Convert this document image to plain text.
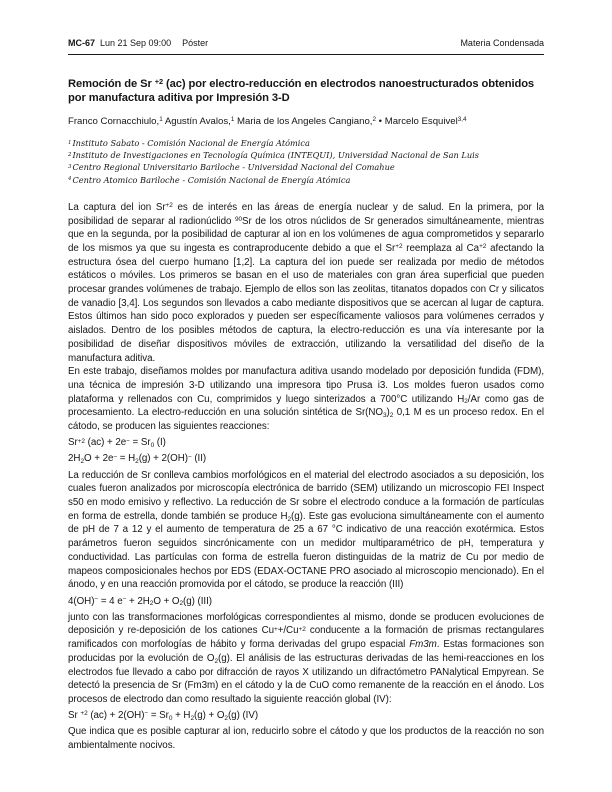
MC-67 Lun 21 Sep 09:00 Póster	Materia Condensada
Remoción de Sr $^{+2}$ (ac) por electro-reducción en electrodos nanoestructurados obtenidos por manufactura aditiva por Impresión 3-D
Franco Cornacchiulo,$^1$ Agustín Avalos,$^1$ Maria de los Angeles Cangiano,$^2$ • Marcelo Esquivel$^{3,4}$
$^1$Instituto Sabato - Comisión Nacional de Energía Atómica
$^2$Instituto de Investigaciones en Tecnología Química (INTEQUI), Universidad Nacional de San Luis
$^3$Centro Regional Universitario Bariloche - Universidad Nacional del Comahue
$^4$Centro Atomico Bariloche - Comisión Nacional de Energía Atómica

La captura del ion $Sr^{+2}$ es de interés en las áreas de energía nuclear y de salud. En la primera, por la posibilidad de separar al radionúclido $^{90}$Sr de los otros núclidos de Sr generados simultáneamente, mientras que en la segunda, por la posibilidad de capturar al ion en los volúmenes de agua comprometidos y separarlo de los mismos ya que su ingesta es contraproducente debido a que el $Sr^{+2}$ reemplaza al $Ca^{+2}$ afectando la estructura ósea del cuerpo humano [1,2]. La captura del ion puede ser realizada por medio de métodos estáticos o móviles. Los primeros se basan en el uso de materiales con gran área superficial que pueden procesar grandes volúmenes de trabajo. Ejemplo de ellos son las zeolitas, titanatos dopados con Cr y silicatos de vanadio [3,4]. Los segundos son llevados a cabo mediante dispositivos que se acercan al lugar de captura. Estos últimos han sido poco explorados y pueden ser específicamente valiosos para volúmenes cerrados y aislados. Dentro de los posibles métodos de captura, la electro-reducción es una vía interesante por la posibilidad de diseñar dispositivos móviles de extracción, utilizando la versatilidad del diseño de la manufactura aditiva.

En este trabajo, diseñamos moldes por manufactura aditiva usando modelado por deposición fundida (FDM), una técnica de impresión 3-D utilizando una impresora tipo Prusa i3. Los moldes fueron usados como plataforma y rellenados con Cu, comprimidos y luego sinterizados a 700°C utilizando $H_2/Ar$ como gas de procesamiento. La electro-reducción en una solución sintética de $Sr(NO_3)_2$ 0,1 M es un proceso redox. En el cátodo, se producen las siguientes reacciones:

$Sr^{+2}$ $(ac) + 2e^- = Sr_0$ (I)

$2H_2O + 2e^- = H_2(g) + 2(OH)^-$ (II)

La reducción de Sr conlleva cambios morfológicos en el material del electrodo asociados a su deposición, los cuales fueron analizados por microscopía electrónica de barrido (SEM) utilizando un microscopio FEI Inspect s50 en modo emisivo y reflectivo. La reducción de Sr sobre el electrodo conduce a la formación de partículas en forma de estrella, donde también se produce $H_2(g)$. Este gas evoluciona simultáneamente con el aumento de pH de 7 a 12 y el aumento de temperatura de 25 a 67 °C indicativo de una reacción exotérmica. Estos parámetros fueron seguidos sincrónicamente con un medidor multiparamétrico de pH, temperatura y conductividad. Las partículas con forma de estrella fueron distinguidas de la matriz de Cu por medio de mapeos composicionales hechos por EDS (EDAX-OCTANE PRO asociado al microscopio mencionado). En el ánodo, y en una reacción promovida por el cátodo, se produce la reacción (III)

4(OH)− = 4 $e^- + 2H_2O + O_2(g)$ (III)

junto con las transformaciones morfológicas correspondientes al mismo, donde se producen evoluciones de deposición y re-deposición de los cationes $Cu^++/Cu^{+2}$ conducente a la formación de prismas rectangulares ramificados con morfologías de hábito y forma derivadas del grupo espacial Fm3m. Estas formaciones son producidas por la evolución de $O_2(g)$. El análisis de las estructuras derivadas de las hemi-reacciones en los electrodos fue llevado a cabo por difracción de rayos X utilizando un difractómetro PANalytical Empyrean. Se detectó la presencia de Sr (Fm3m) en el cátodo y la de CuO como remanente de la reacción en el ánodo. Los procesos de electrodo dan como resultado la siguiente reacción global (IV):

Sr $^{+2}$ $(ac) + 2(OH)^- = Sr_0 + H_2(g) + O_2(g)$ (IV)

Que indica que es posible capturar al ion, reducirlo sobre el cátodo y que los productos de la reacción no son ambientalmente nocivos.
